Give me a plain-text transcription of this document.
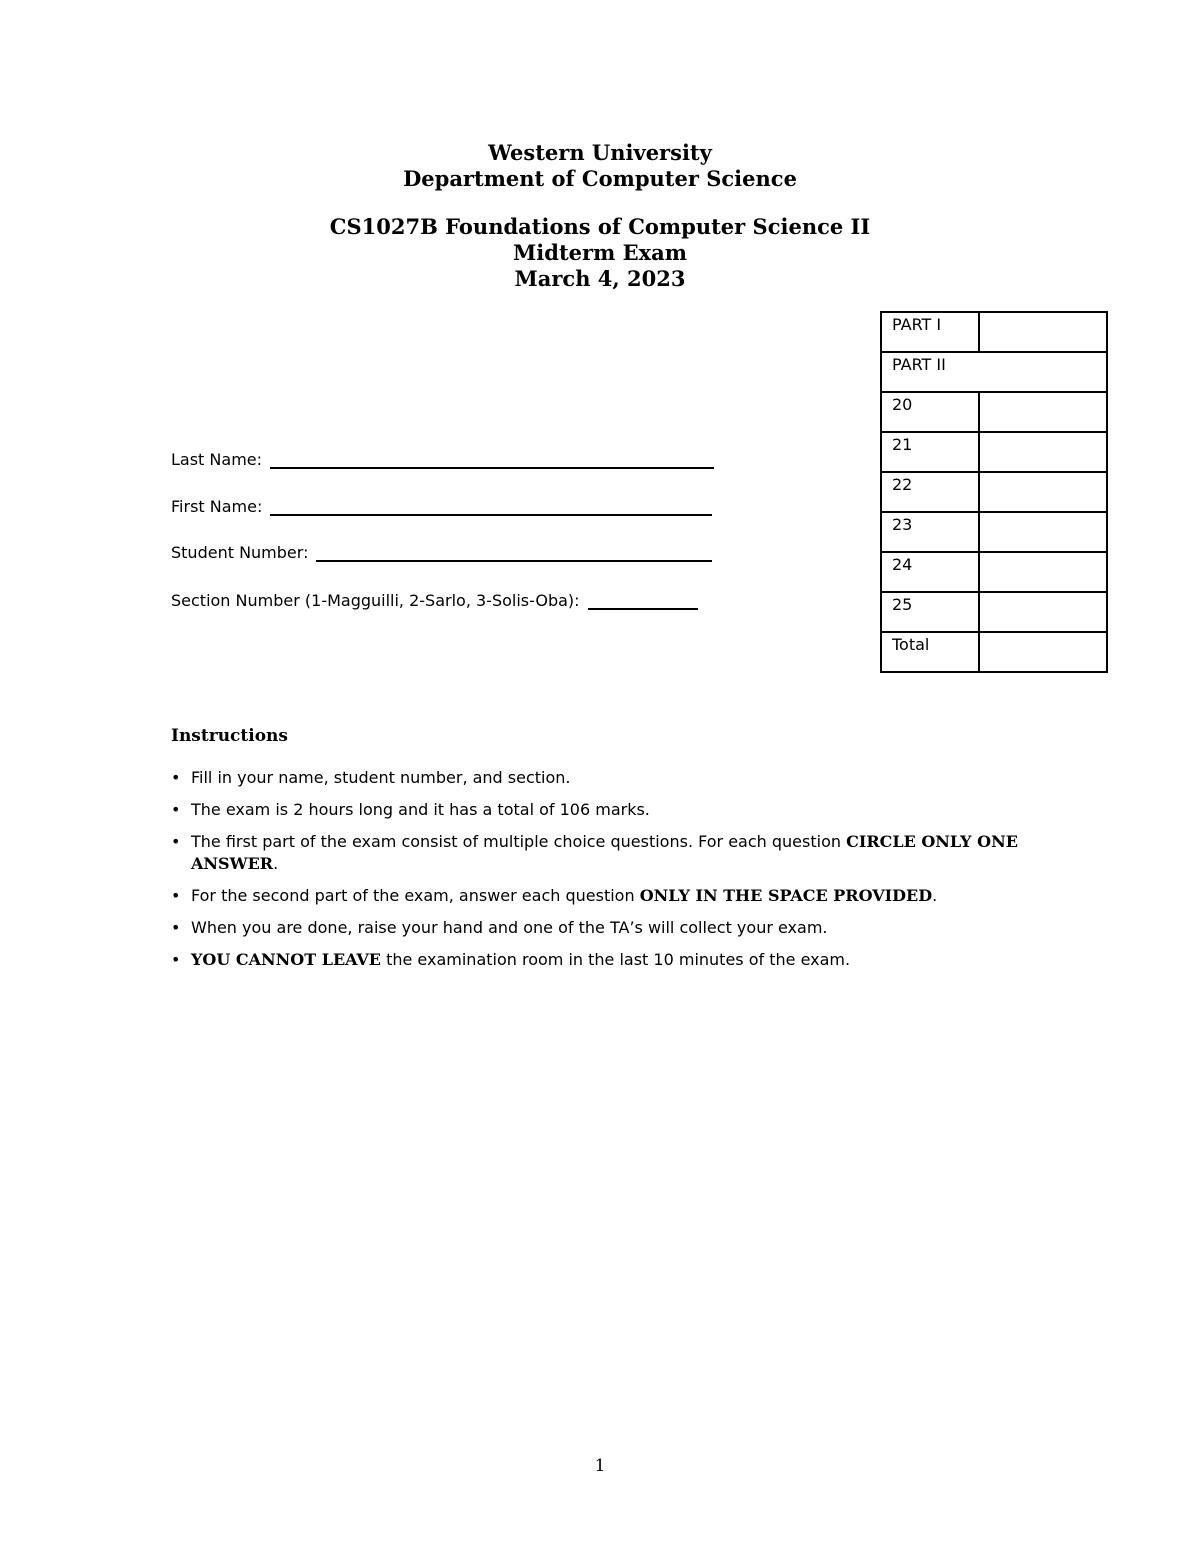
Western University
Department of Computer Science
CS1027B Foundations of Computer Science II
Midterm Exam
March 4, 2023
PART I	
PART II	
20	
21	
22	
23	
24	
25	
Total	
Last Name:
First Name:
Student Number:
Section Number (1-Magguilli, 2-Sarlo, 3-Solis-Oba):
Instructions
• Fill in your name, student number, and section.
• The exam is 2 hours long and it has a total of 106 marks.
• The first part of the exam consist of multiple choice questions. For each question CIRCLE ONLY ONE ANSWER.
• For the second part of the exam, answer each question ONLY IN THE SPACE PROVIDED.
• When you are done, raise your hand and one of the TA’s will collect your exam.
• YOU CANNOT LEAVE the examination room in the last 10 minutes of the exam.
1
